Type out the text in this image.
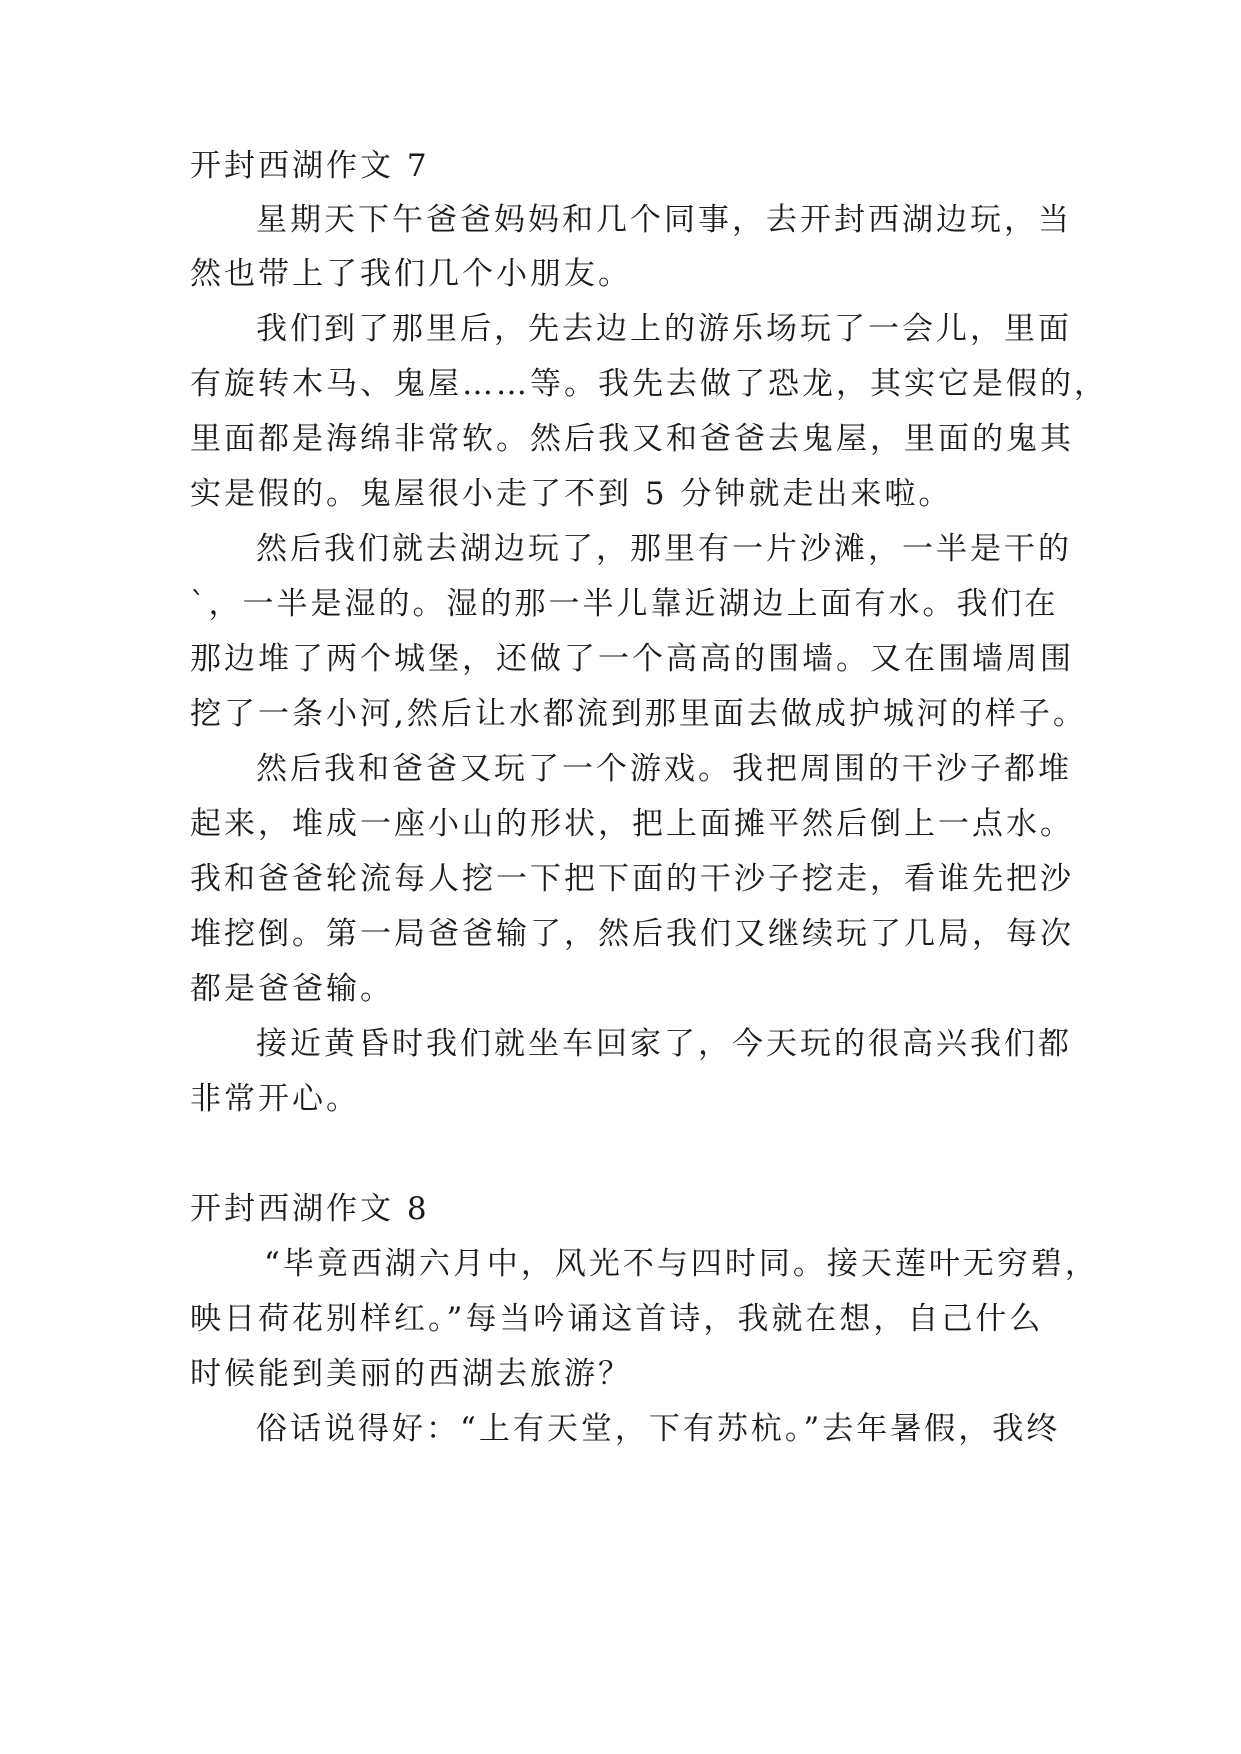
开封西湖作文 7
星期天下午爸爸妈妈和几个同事，去开封西湖边玩，当
然也带上了我们几个小朋友。
我们到了那里后，先去边上的游乐场玩了一会儿，里面
有旋转木马、鬼屋……等。我先去做了恐龙，其实它是假的，
里面都是海绵非常软。然后我又和爸爸去鬼屋，里面的鬼其
实是假的。鬼屋很小走了不到 5 分钟就走出来啦。
然后我们就去湖边玩了，那里有一片沙滩，一半是干的
`，一半是湿的。湿的那一半儿靠近湖边上面有水。我们在
那边堆了两个城堡，还做了一个高高的围墙。又在围墙周围
挖了一条小河,然后让水都流到那里面去做成护城河的样子。
然后我和爸爸又玩了一个游戏。我把周围的干沙子都堆
起来，堆成一座小山的形状，把上面摊平然后倒上一点水。
我和爸爸轮流每人挖一下把下面的干沙子挖走，看谁先把沙
堆挖倒。第一局爸爸输了，然后我们又继续玩了几局，每次
都是爸爸输。
接近黄昏时我们就坐车回家了，今天玩的很高兴我们都
非常开心。
开封西湖作文 8
“毕竟西湖六月中，风光不与四时同。接天莲叶无穷碧，
映日荷花别样红。”每当吟诵这首诗，我就在想，自己什么
时候能到美丽的西湖去旅游？
俗话说得好：“上有天堂，下有苏杭。”去年暑假，我终
